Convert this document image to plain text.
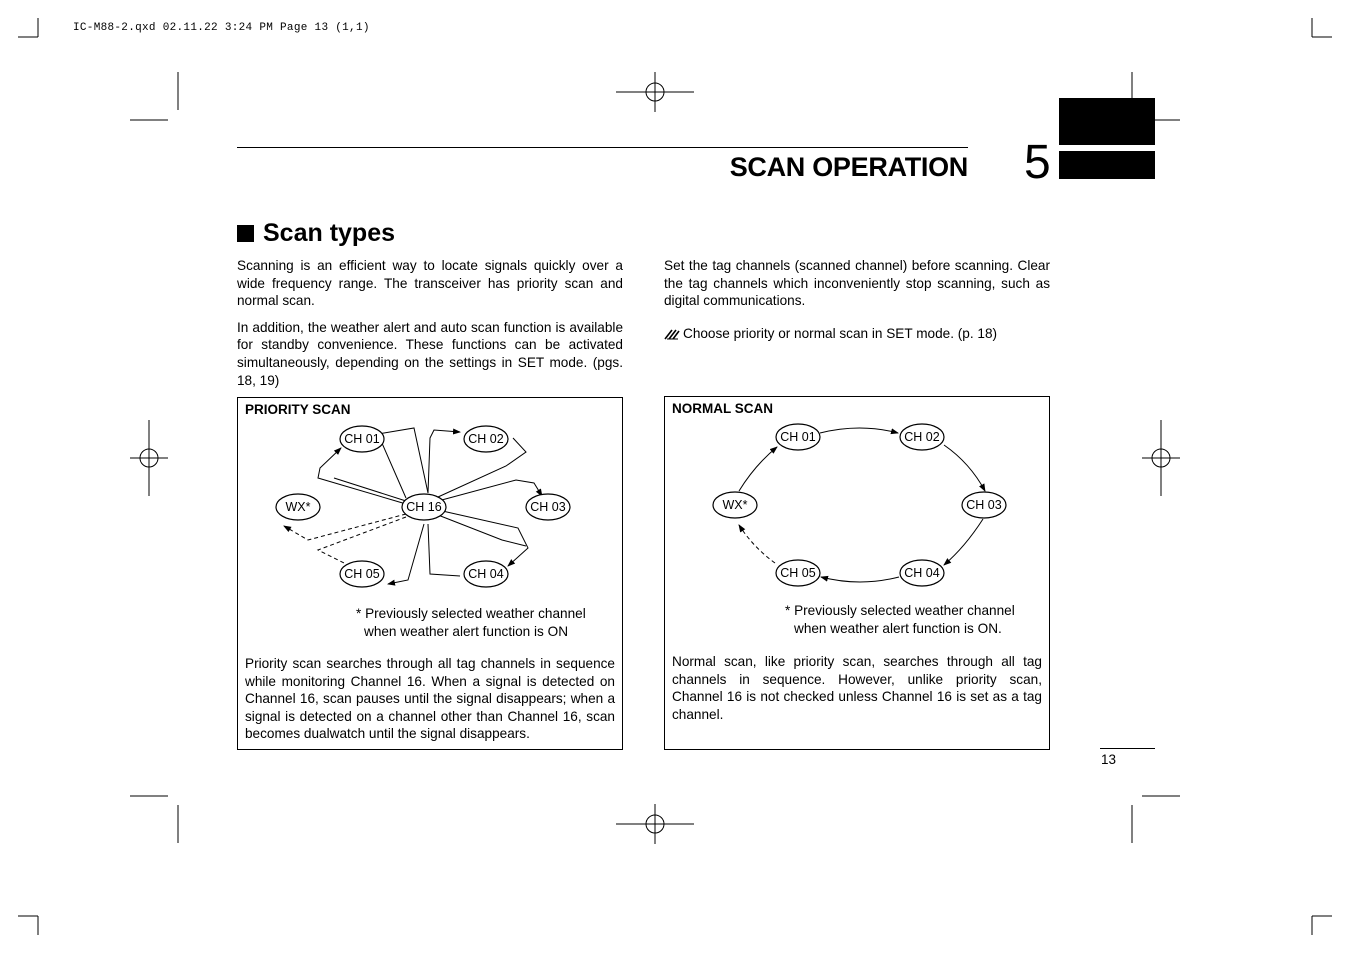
IC-M88-2.qxd 02.11.22 3:24 PM Page 13 (1,1)
SCAN OPERATION 5
Scan types

Scanning is an efficient way to locate signals quickly over a wide frequency range. The transceiver has priority scan and normal scan.

In addition, the weather alert and auto scan function is available for standby convenience. These functions can be activated simultaneously, depending on the settings in SET mode. (pgs. 18, 19)

Set the tag channels (scanned channel) before scanning. Clear the tag channels which inconveniently stop scanning, such as digital communications.

Choose priority or normal scan in SET mode. (p. 18)
PRIORITY SCAN
CH 01	CH 02
WX*	CH 16	CH 03
CH 05	CH 04
* Previously selected weather channel
when weather alert function is ON

Priority scan searches through all tag channels in sequence while monitoring Channel 16. When a signal is detected on Channel 16, scan pauses until the signal disappears; when a signal is detected on a channel other than Channel 16, scan becomes dualwatch until the signal disappears.

NORMAL SCAN
CH 01	CH 02
WX*	CH 03
CH 05	CH 04
* Previously selected weather channel
when weather alert function is ON.

Normal scan, like priority scan, searches through all tag channels in sequence. However, unlike priority scan, Channel 16 is not checked unless Channel 16 is set as a tag channel.

13
